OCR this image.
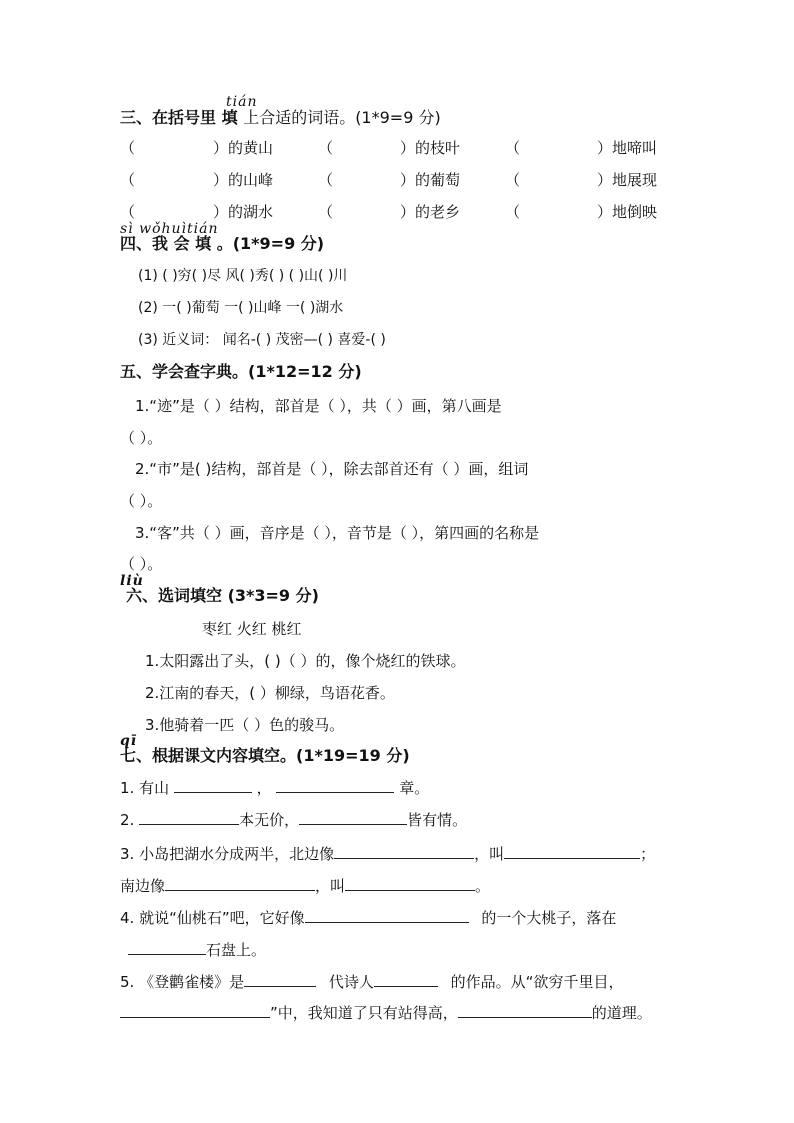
tián
三、在括号里 填 上合适的词语。(1*9=9 分)
（	）的黄山	（	）的枝叶	（	）地啼叫
（	）的山峰	（	）的葡萄	（	）地展现
（	）的湖水	（	）的老乡	（	）地倒映
sì wǒhuìtián
四、我 会 填 。(1*9=9 分)
(1) ( )穷( )尽 风( )秀( ) ( )山( )川
(2) 一( )葡萄 一( )山峰 一( )湖水
(3) 近义词： 闻名-( ) 茂密—( ) 喜爱-( )
五、学会查字典。(1*12=12 分)
1.“迹”是（ ）结构，部首是（ ），共（ ）画，第八画是
（ ）。
2.“市”是( )结构，部首是（ ），除去部首还有（ ）画，组词
（ ）。
3.“客”共（ ）画，音序是（ ），音节是（ ），第四画的名称是
（ ）。
liù
六、选词填空 (3*3=9 分)
枣红 火红 桃红
1.太阳露出了头，( )（ ）的，像个烧红的铁球。
2.江南的春天，( ）柳绿，鸟语花香。
3.他骑着一匹（ ）色的骏马。
qī
七、根据课文内容填空。(1*19=19 分)
1. 有山	，	章。
2.	本无价，	皆有情。
3. 小岛把湖水分成两半，北边像	，叫	；
南边像	，叫	。
4. 就说“仙桃石”吧，它好像	的一个大桃子，落在
石盘上。
5. 《登鹳雀楼》是	代诗人	的作品。从“欲穷千里目，
”中，我知道了只有站得高，	的道理。
